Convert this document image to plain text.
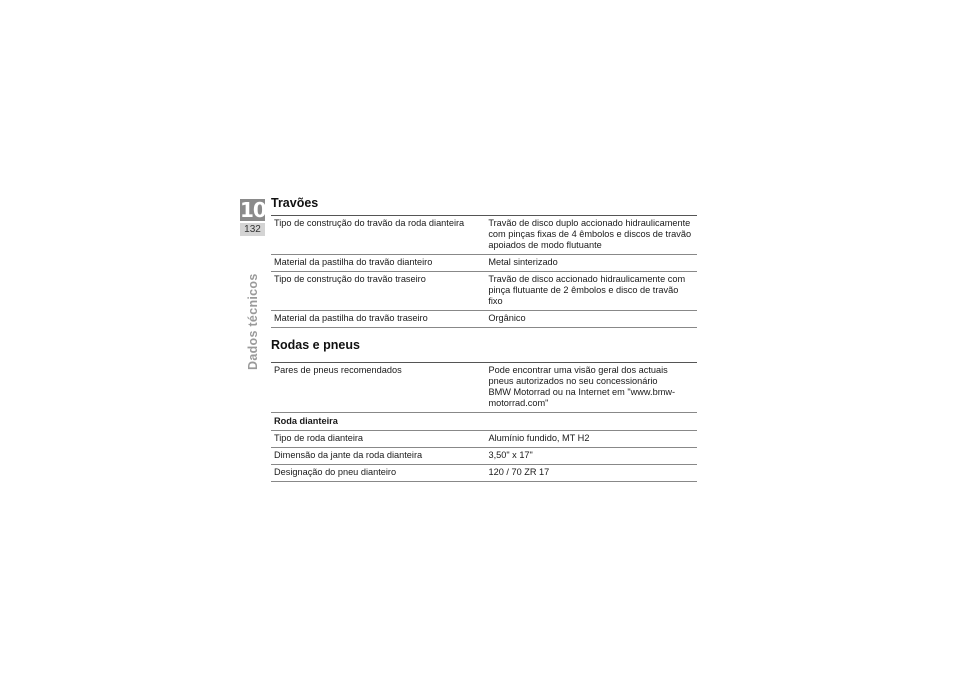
10
132
Dados técnicos
Travões
Tipo de construção do travão da roda dianteira	Travão de disco duplo accionado hidraulicamente
com pinças fixas de 4 êmbolos e discos de travão
apoiados de modo flutuante

Material da pastilha do travão dianteiro	Metal sinterizado

Tipo de construção do travão traseiro	Travão de disco accionado hidraulicamente com
pinça flutuante de 2 êmbolos e disco de travão
fixo

Material da pastilha do travão traseiro	Orgânico
Rodas e pneus
Pares de pneus recomendados	Pode encontrar uma visão geral dos actuais
pneus autorizados no seu concessionário
BMW Motorrad ou na Internet em "www.bmw-
motorrad.com"

Roda dianteira	
Tipo de roda dianteira	Alumínio fundido, MT H2
Dimensão da jante da roda dianteira	3,50" x 17"
Designação do pneu dianteiro	120 / 70 ZR 17
